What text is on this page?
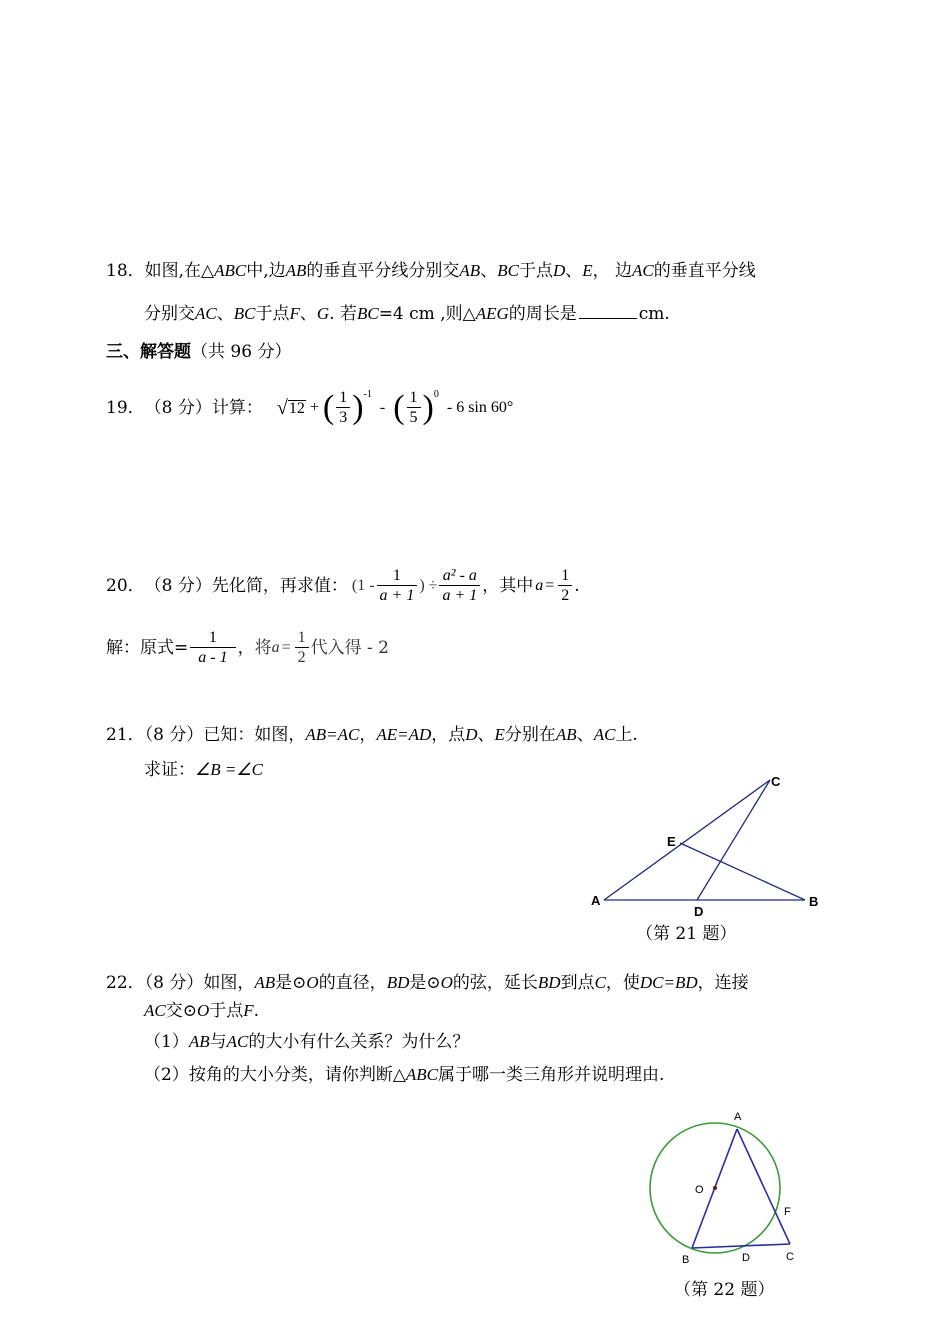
18．如图,在△ABC中,边AB的垂直平分线分别交AB、BC于点D、E， 边AC的垂直平分线
分别交AC、BC于点F、G. 若BC=4 cm ,则△AEG的周长是	cm.
三、解答题（共 96 分）
19． （8 分）计算： √ 12 + ( $\frac{1}{3} )^{-1}$
- ( $\frac{1}{5} )^0$
- 6 sin 60°
20． （8 分）先化简，再求值： ($1 - \frac{1}{a + 1}$ ) ÷ $\frac{\text{a² - a}}{a + 1}$ ，其中 $a = \frac{1}{2}$ .
解：原式= $\frac{1}{a - 1}$ ， 将 $a = \frac{1}{2}$ 代入得 - 2
21．（8 分）已知：如图，AB=AC，AE=AD，点D、E分别在AB、AC上.
求证：∠B =∠C
A	B
C
D
E
（第 21 题）
22．（8 分）如图，AB是⊙O的直径，BD是⊙O的弦，延长BD到点C，使DC=BD，连接
AC交⊙O于点F.
（1）AB与AC的大小有什么关系？为什么？
（2）按角的大小分类，请你判断△ABC属于哪一类三角形并说明理由.
A
O
F
B	D	C
（第 22 题）
